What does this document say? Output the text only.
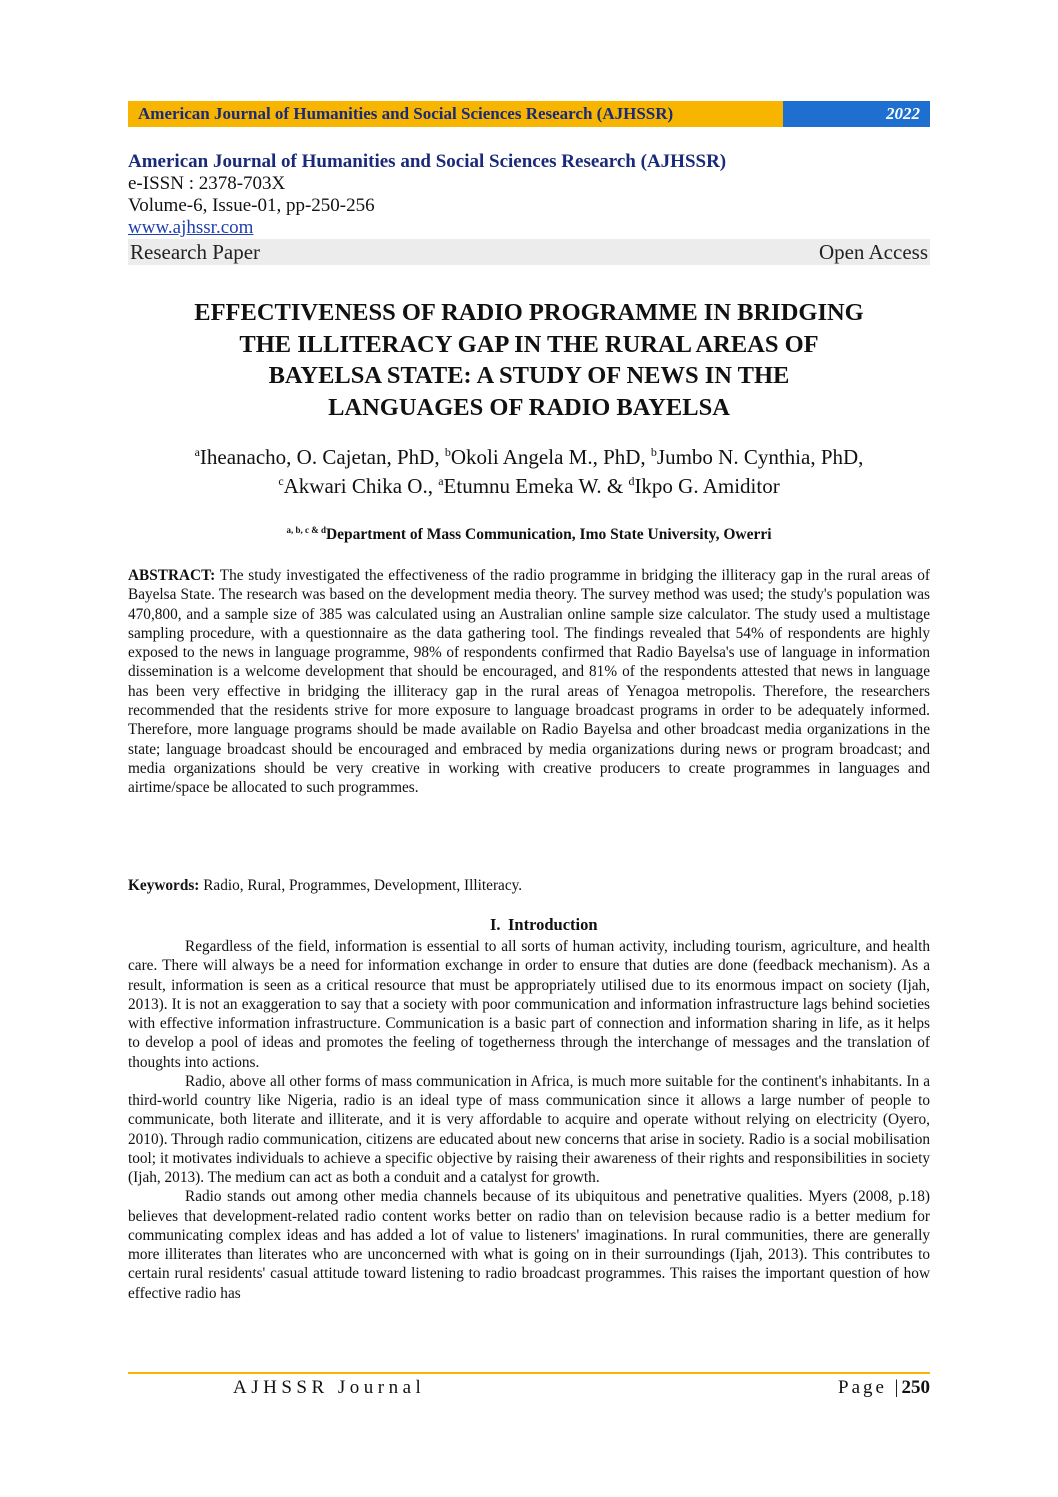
American Journal of Humanities and Social Sciences Research (AJHSSR)	2022
American Journal of Humanities and Social Sciences Research (AJHSSR)
e-ISSN : 2378-703X
Volume-6, Issue-01, pp-250-256
www.ajhssr.com
Research Paper	Open Access
EFFECTIVENESS OF RADIO PROGRAMME IN BRIDGING
THE ILLITERACY GAP IN THE RURAL AREAS OF
BAYELSA STATE: A STUDY OF NEWS IN THE
LANGUAGES OF RADIO BAYELSA
$^a$Iheanacho, O. Cajetan, PhD, $^b$Okoli Angela M., PhD, $^b$Jumbo N. Cynthia, PhD,
$^c$Akwari Chika O., $^a$Etumnu Emeka W. & $^d$Ikpo G. Amiditor
$^{a, b, c \& d}$Department of Mass Communication, Imo State University, Owerri
ABSTRACT: The study investigated the effectiveness of the radio programme in bridging the illiteracy gap in the rural areas of Bayelsa State. The research was based on the development media theory. The survey method was used; the study's population was 470,800, and a sample size of 385 was calculated using an Australian online sample size calculator. The study used a multistage sampling procedure, with a questionnaire as the data gathering tool. The findings revealed that 54% of respondents are highly exposed to the news in language programme, 98% of respondents confirmed that Radio Bayelsa's use of language in information dissemination is a welcome development that should be encouraged, and 81% of the respondents attested that news in language has been very effective in bridging the illiteracy gap in the rural areas of Yenagoa metropolis. Therefore, the researchers recommended that the residents strive for more exposure to language broadcast programs in order to be adequately informed. Therefore, more language programs should be made available on Radio Bayelsa and other broadcast media organizations in the state; language broadcast should be encouraged and embraced by media organizations during news or program broadcast; and media organizations should be very creative in working with creative producers to create programmes in languages and airtime/space be allocated to such programmes.
Keywords: Radio, Rural, Programmes, Development, Illiteracy.
I. Introduction

Regardless of the field, information is essential to all sorts of human activity, including tourism, agriculture, and health care. There will always be a need for information exchange in order to ensure that duties are done (feedback mechanism). As a result, information is seen as a critical resource that must be appropriately utilised due to its enormous impact on society (Ijah, 2013). It is not an exaggeration to say that a society with poor communication and information infrastructure lags behind societies with effective information infrastructure. Communication is a basic part of connection and information sharing in life, as it helps to develop a pool of ideas and promotes the feeling of togetherness through the interchange of messages and the translation of thoughts into actions.

Radio, above all other forms of mass communication in Africa, is much more suitable for the continent's inhabitants. In a third-world country like Nigeria, radio is an ideal type of mass communication since it allows a large number of people to communicate, both literate and illiterate, and it is very affordable to acquire and operate without relying on electricity (Oyero, 2010). Through radio communication, citizens are educated about new concerns that arise in society. Radio is a social mobilisation tool; it motivates individuals to achieve a specific objective by raising their awareness of their rights and responsibilities in society (Ijah, 2013). The medium can act as both a conduit and a catalyst for growth.

Radio stands out among other media channels because of its ubiquitous and penetrative qualities. Myers (2008, p.18) believes that development-related radio content works better on radio than on television because radio is a better medium for communicating complex ideas and has added a lot of value to listeners' imaginations. In rural communities, there are generally more illiterates than literates who are unconcerned with what is going on in their surroundings (Ijah, 2013). This contributes to certain rural residents' casual attitude toward listening to radio broadcast programmes. This raises the important question of how effective radio has

AJHSSR Journal	Page |250
